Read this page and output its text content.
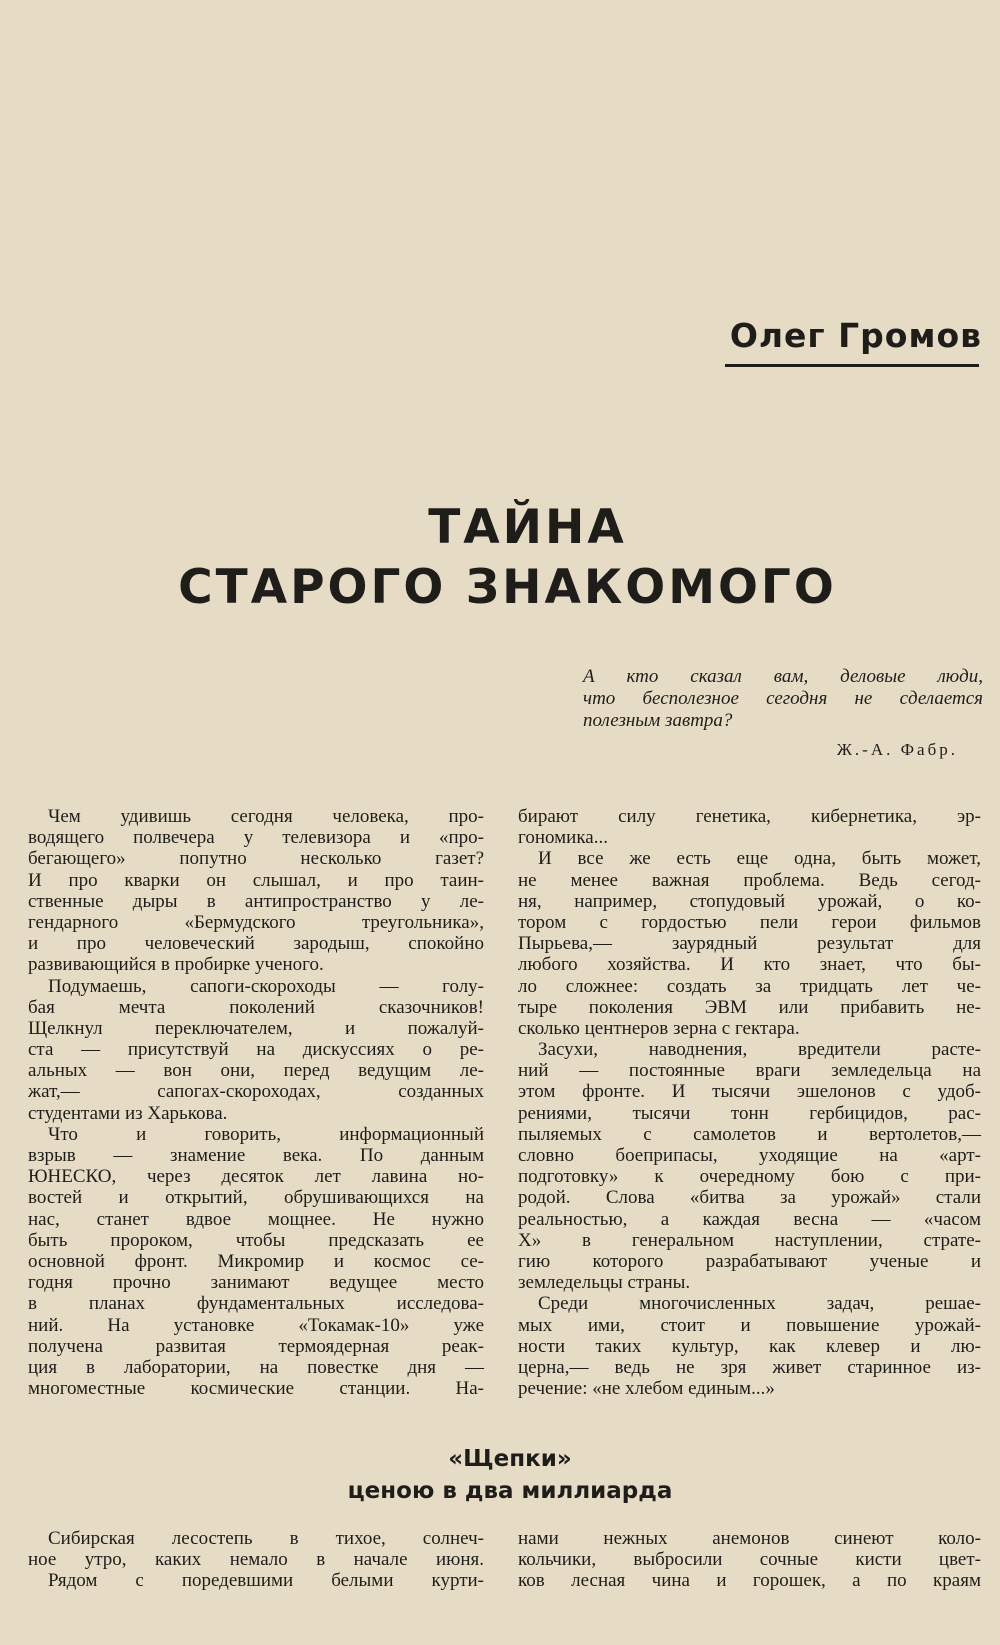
Олег Громов
ТАЙНА
СТАРОГО ЗНАКОМОГО
А кто сказал вам, деловые люди,
что бесполезное сегодня не сделается
полезным завтра?
Ж.-А. Фабр.
Чем удивишь сегодня человека, про-
водящего полвечера у телевизора и «про-
бегающего» попутно несколько газет?
И про кварки он слышал, и про таин-
ственные дыры в антипространство у ле-
гендарного «Бермудского треугольника»,
и про человеческий зародыш, спокойно
развивающийся в пробирке ученого.
Подумаешь, сапоги-скороходы — голу-
бая мечта поколений сказочников!
Щелкнул переключателем, и пожалуй-
ста — присутствуй на дискуссиях о ре-
альных — вон они, перед ведущим ле-
жат,— сапогах-скороходах, созданных
студентами из Харькова.
Что и говорить, информационный
взрыв — знамение века. По данным
ЮНЕСКО, через десяток лет лавина но-
востей и открытий, обрушивающихся на
нас, станет вдвое мощнее. Не нужно
быть пророком, чтобы предсказать ее
основной фронт. Микромир и космос се-
годня прочно занимают ведущее место
в планах фундаментальных исследова-
ний. На установке «Токамак-10» уже
получена развитая термоядерная реак-
ция в лаборатории, на повестке дня —
многоместные космические станции. На-
бирают силу генетика, кибернетика, эр-
гономика...
И все же есть еще одна, быть может,
не менее важная проблема. Ведь сегод-
ня, например, стопудовый урожай, о ко-
тором с гордостью пели герои фильмов
Пырьева,— заурядный результат для
любого хозяйства. И кто знает, что бы-
ло сложнее: создать за тридцать лет че-
тыре поколения ЭВМ или прибавить не-
сколько центнеров зерна с гектара.
Засухи, наводнения, вредители расте-
ний — постоянные враги земледельца на
этом фронте. И тысячи эшелонов с удоб-
рениями, тысячи тонн гербицидов, рас-
пыляемых с самолетов и вертолетов,—
словно боеприпасы, уходящие на «арт-
подготовку» к очередному бою с при-
родой. Слова «битва за урожай» стали
реальностью, а каждая весна — «часом
Х» в генеральном наступлении, страте-
гию которого разрабатывают ученые и
земледельцы страны.
Среди многочисленных задач, решае-
мых ими, стоит и повышение урожай-
ности таких культур, как клевер и лю-
церна,— ведь не зря живет старинное из-
речение: «не хлебом единым...»
«Щепки»
ценою в два миллиарда
Сибирская лесостепь в тихое, солнеч-
ное утро, каких немало в начале июня.
Рядом с поредевшими белыми курти-
нами нежных анемонов синеют коло-
кольчики, выбросили сочные кисти цвет-
ков лесная чина и горошек, а по краям
